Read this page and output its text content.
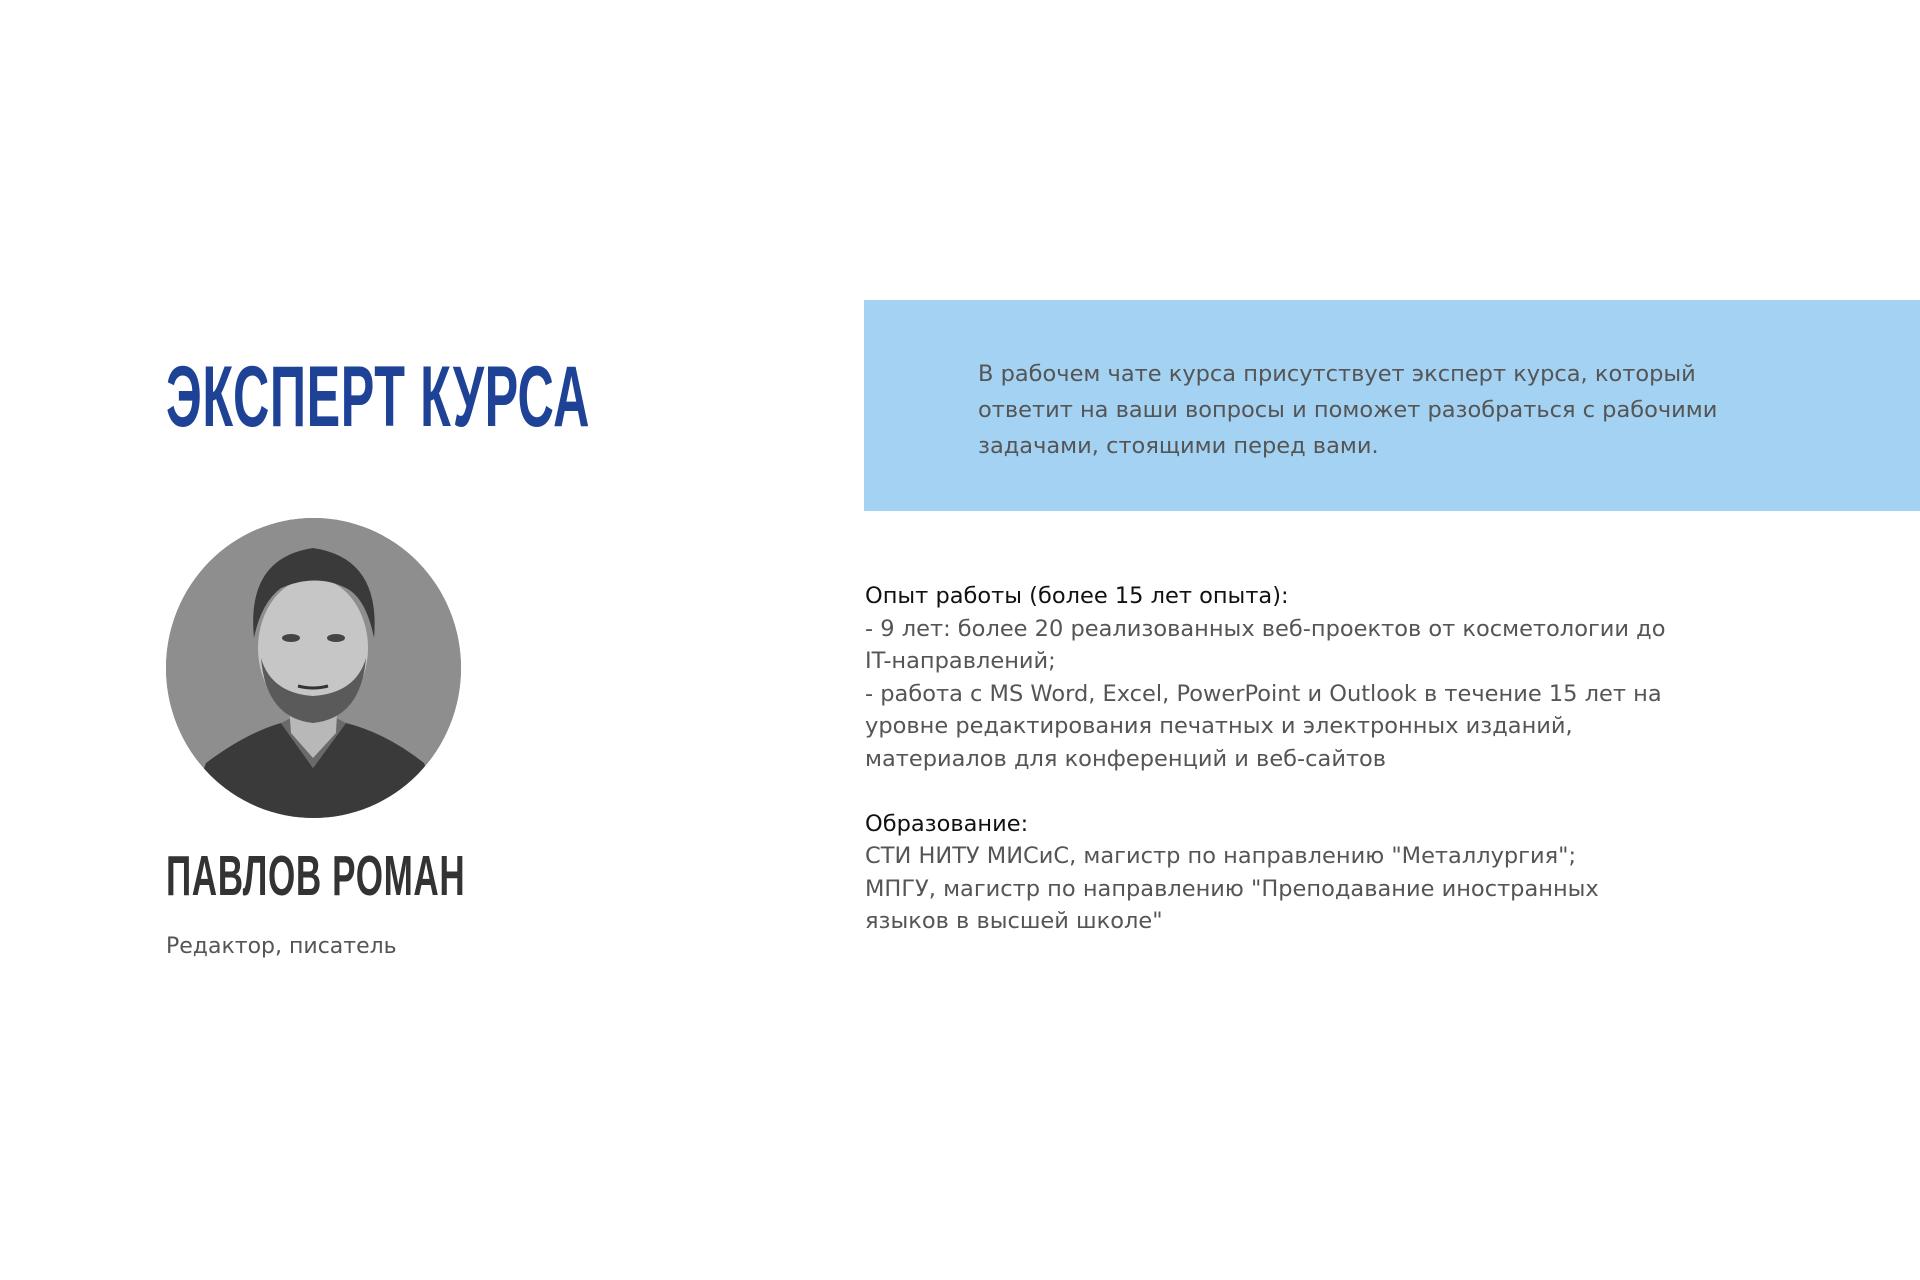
ЭКСПЕРТ КУРСА
ПАВЛОВ РОМАН
Редактор, писатель
В рабочем чате курса присутствует эксперт курса, который
ответит на ваши вопросы и поможет разобраться с рабочими
задачами, стоящими перед вами.
Опыт работы (более 15 лет опыта):
- 9 лет: более 20 реализованных веб-проектов от косметологии до
IT-направлений;
- работа с MS Word, Excel, PowerPoint и Outlook в течение 15 лет на
уровне редактирования печатных и электронных изданий,
материалов для конференций и веб-сайтов
Образование:
СТИ НИТУ МИСиС, магистр по направлению "Металлургия";
МПГУ, магистр по направлению "Преподавание иностранных
языков в высшей школе"
